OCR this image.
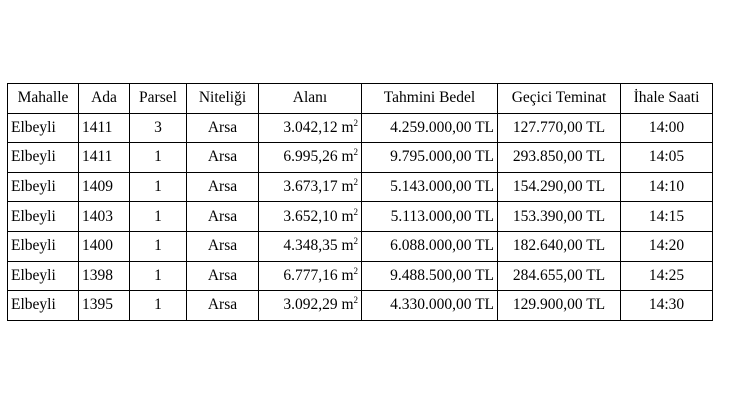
Mahalle	Ada	Parsel	Niteliği	Alanı	Tahmini Bedel	Geçici Teminat	İhale Saati
Elbeyli	1411	3	Arsa	3.042,12 $m^2$	4.259.000,00 TL	127.770,00 TL	14:00
Elbeyli	1411	1	Arsa	6.995,26 $m^2$	9.795.000,00 TL	293.850,00 TL	14:05
Elbeyli	1409	1	Arsa	3.673,17 $m^2$	5.143.000,00 TL	154.290,00 TL	14:10
Elbeyli	1403	1	Arsa	3.652,10 $m^2$	5.113.000,00 TL	153.390,00 TL	14:15
Elbeyli	1400	1	Arsa	4.348,35 $m^2$	6.088.000,00 TL	182.640,00 TL	14:20
Elbeyli	1398	1	Arsa	6.777,16 $m^2$	9.488.500,00 TL	284.655,00 TL	14:25
Elbeyli	1395	1	Arsa	3.092,29 $m^2$	4.330.000,00 TL	129.900,00 TL	14:30
